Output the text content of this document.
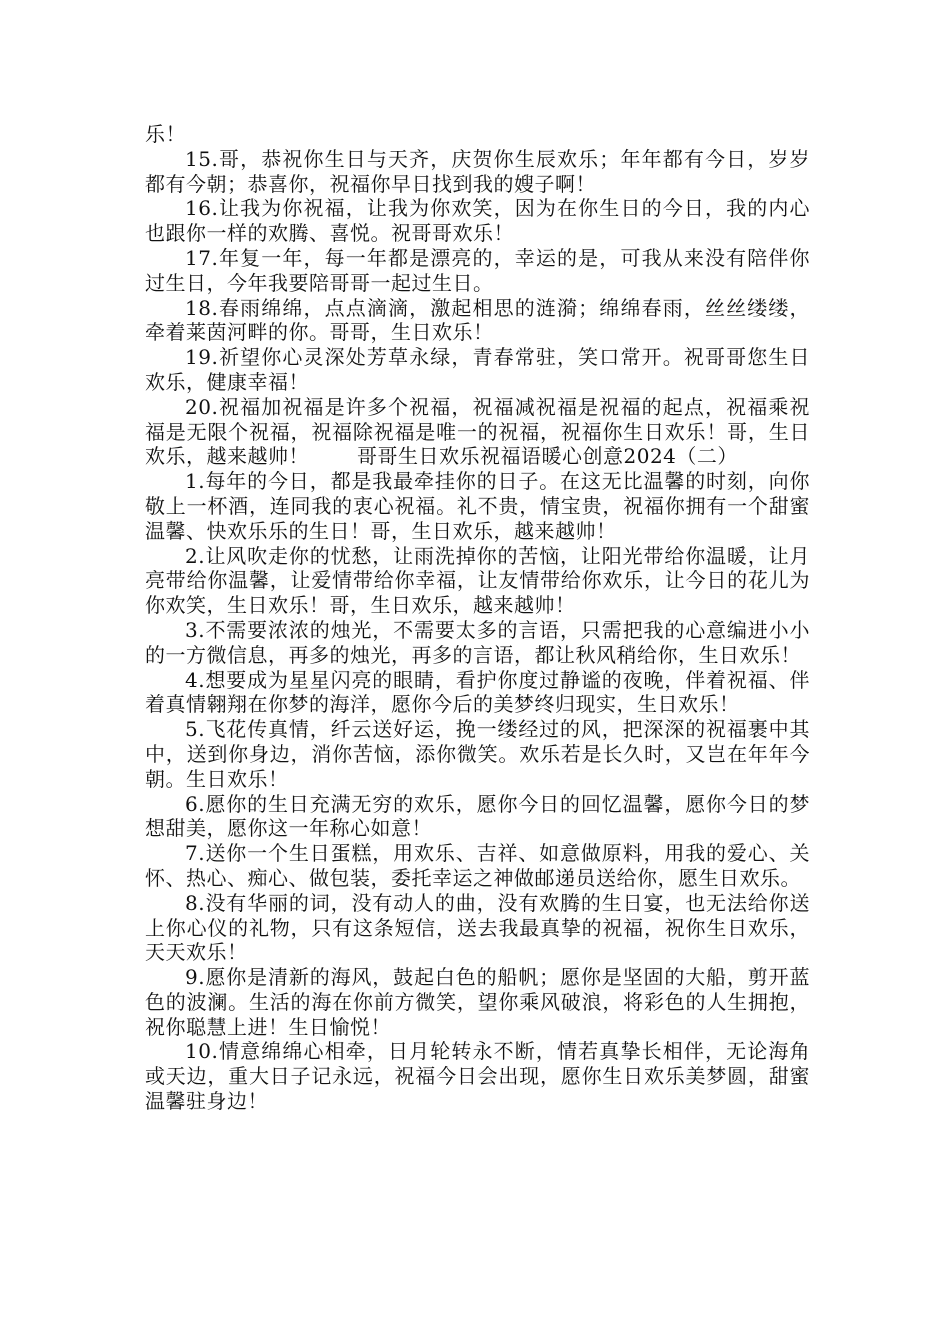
乐！

15.哥，恭祝你生日与天齐，庆贺你生辰欢乐；年年都有今日，岁岁都有今朝；恭喜你，祝福你早日找到我的嫂子啊！

16.让我为你祝福，让我为你欢笑，因为在你生日的今日，我的内心也跟你一样的欢腾、喜悦。祝哥哥欢乐！

17.年复一年，每一年都是漂亮的，幸运的是，可我从来没有陪伴你过生日，今年我要陪哥哥一起过生日。

18.春雨绵绵，点点滴滴，激起相思的涟漪；绵绵春雨，丝丝缕缕，牵着莱茵河畔的你。哥哥，生日欢乐！

19.祈望你心灵深处芳草永绿，青春常驻，笑口常开。祝哥哥您生日欢乐，健康幸福！

20.祝福加祝福是许多个祝福，祝福减祝福是祝福的起点，祝福乘祝福是无限个祝福，祝福除祝福是唯一的祝福，祝福你生日欢乐！哥，生日欢乐，越来越帅！ 哥哥生日欢乐祝福语暖心创意2024（二）

1.每年的今日，都是我最牵挂你的日子。在这无比温馨的时刻，向你敬上一杯酒，连同我的衷心祝福。礼不贵，情宝贵，祝福你拥有一个甜蜜温馨、快欢乐乐的生日！哥，生日欢乐，越来越帅！

2.让风吹走你的忧愁，让雨洗掉你的苦恼，让阳光带给你温暖，让月亮带给你温馨，让爱情带给你幸福，让友情带给你欢乐，让今日的花儿为你欢笑，生日欢乐！哥，生日欢乐，越来越帅！

3.不需要浓浓的烛光，不需要太多的言语，只需把我的心意编进小小的一方微信息，再多的烛光，再多的言语，都让秋风稍给你，生日欢乐！

4.想要成为星星闪亮的眼睛，看护你度过静谧的夜晚，伴着祝福、伴着真情翱翔在你梦的海洋，愿你今后的美梦终归现实，生日欢乐！

5.飞花传真情，纤云送好运，挽一缕经过的风，把深深的祝福裹中其中，送到你身边，消你苦恼，添你微笑。欢乐若是长久时，又岂在年年今朝。生日欢乐！

6.愿你的生日充满无穷的欢乐，愿你今日的回忆温馨，愿你今日的梦想甜美，愿你这一年称心如意！

7.送你一个生日蛋糕，用欢乐、吉祥、如意做原料，用我的爱心、关怀、热心、痴心、做包装，委托幸运之神做邮递员送给你，愿生日欢乐。

8.没有华丽的词，没有动人的曲，没有欢腾的生日宴，也无法给你送上你心仪的礼物，只有这条短信，送去我最真挚的祝福，祝你生日欢乐，天天欢乐！

9.愿你是清新的海风，鼓起白色的船帆；愿你是坚固的大船，剪开蓝色的波澜。生活的海在你前方微笑，望你乘风破浪，将彩色的人生拥抱，祝你聪慧上进！生日愉悦！

10.情意绵绵心相牵，日月轮转永不断，情若真挚长相伴，无论海角或天边，重大日子记永远，祝福今日会出现，愿你生日欢乐美梦圆，甜蜜温馨驻身边！
